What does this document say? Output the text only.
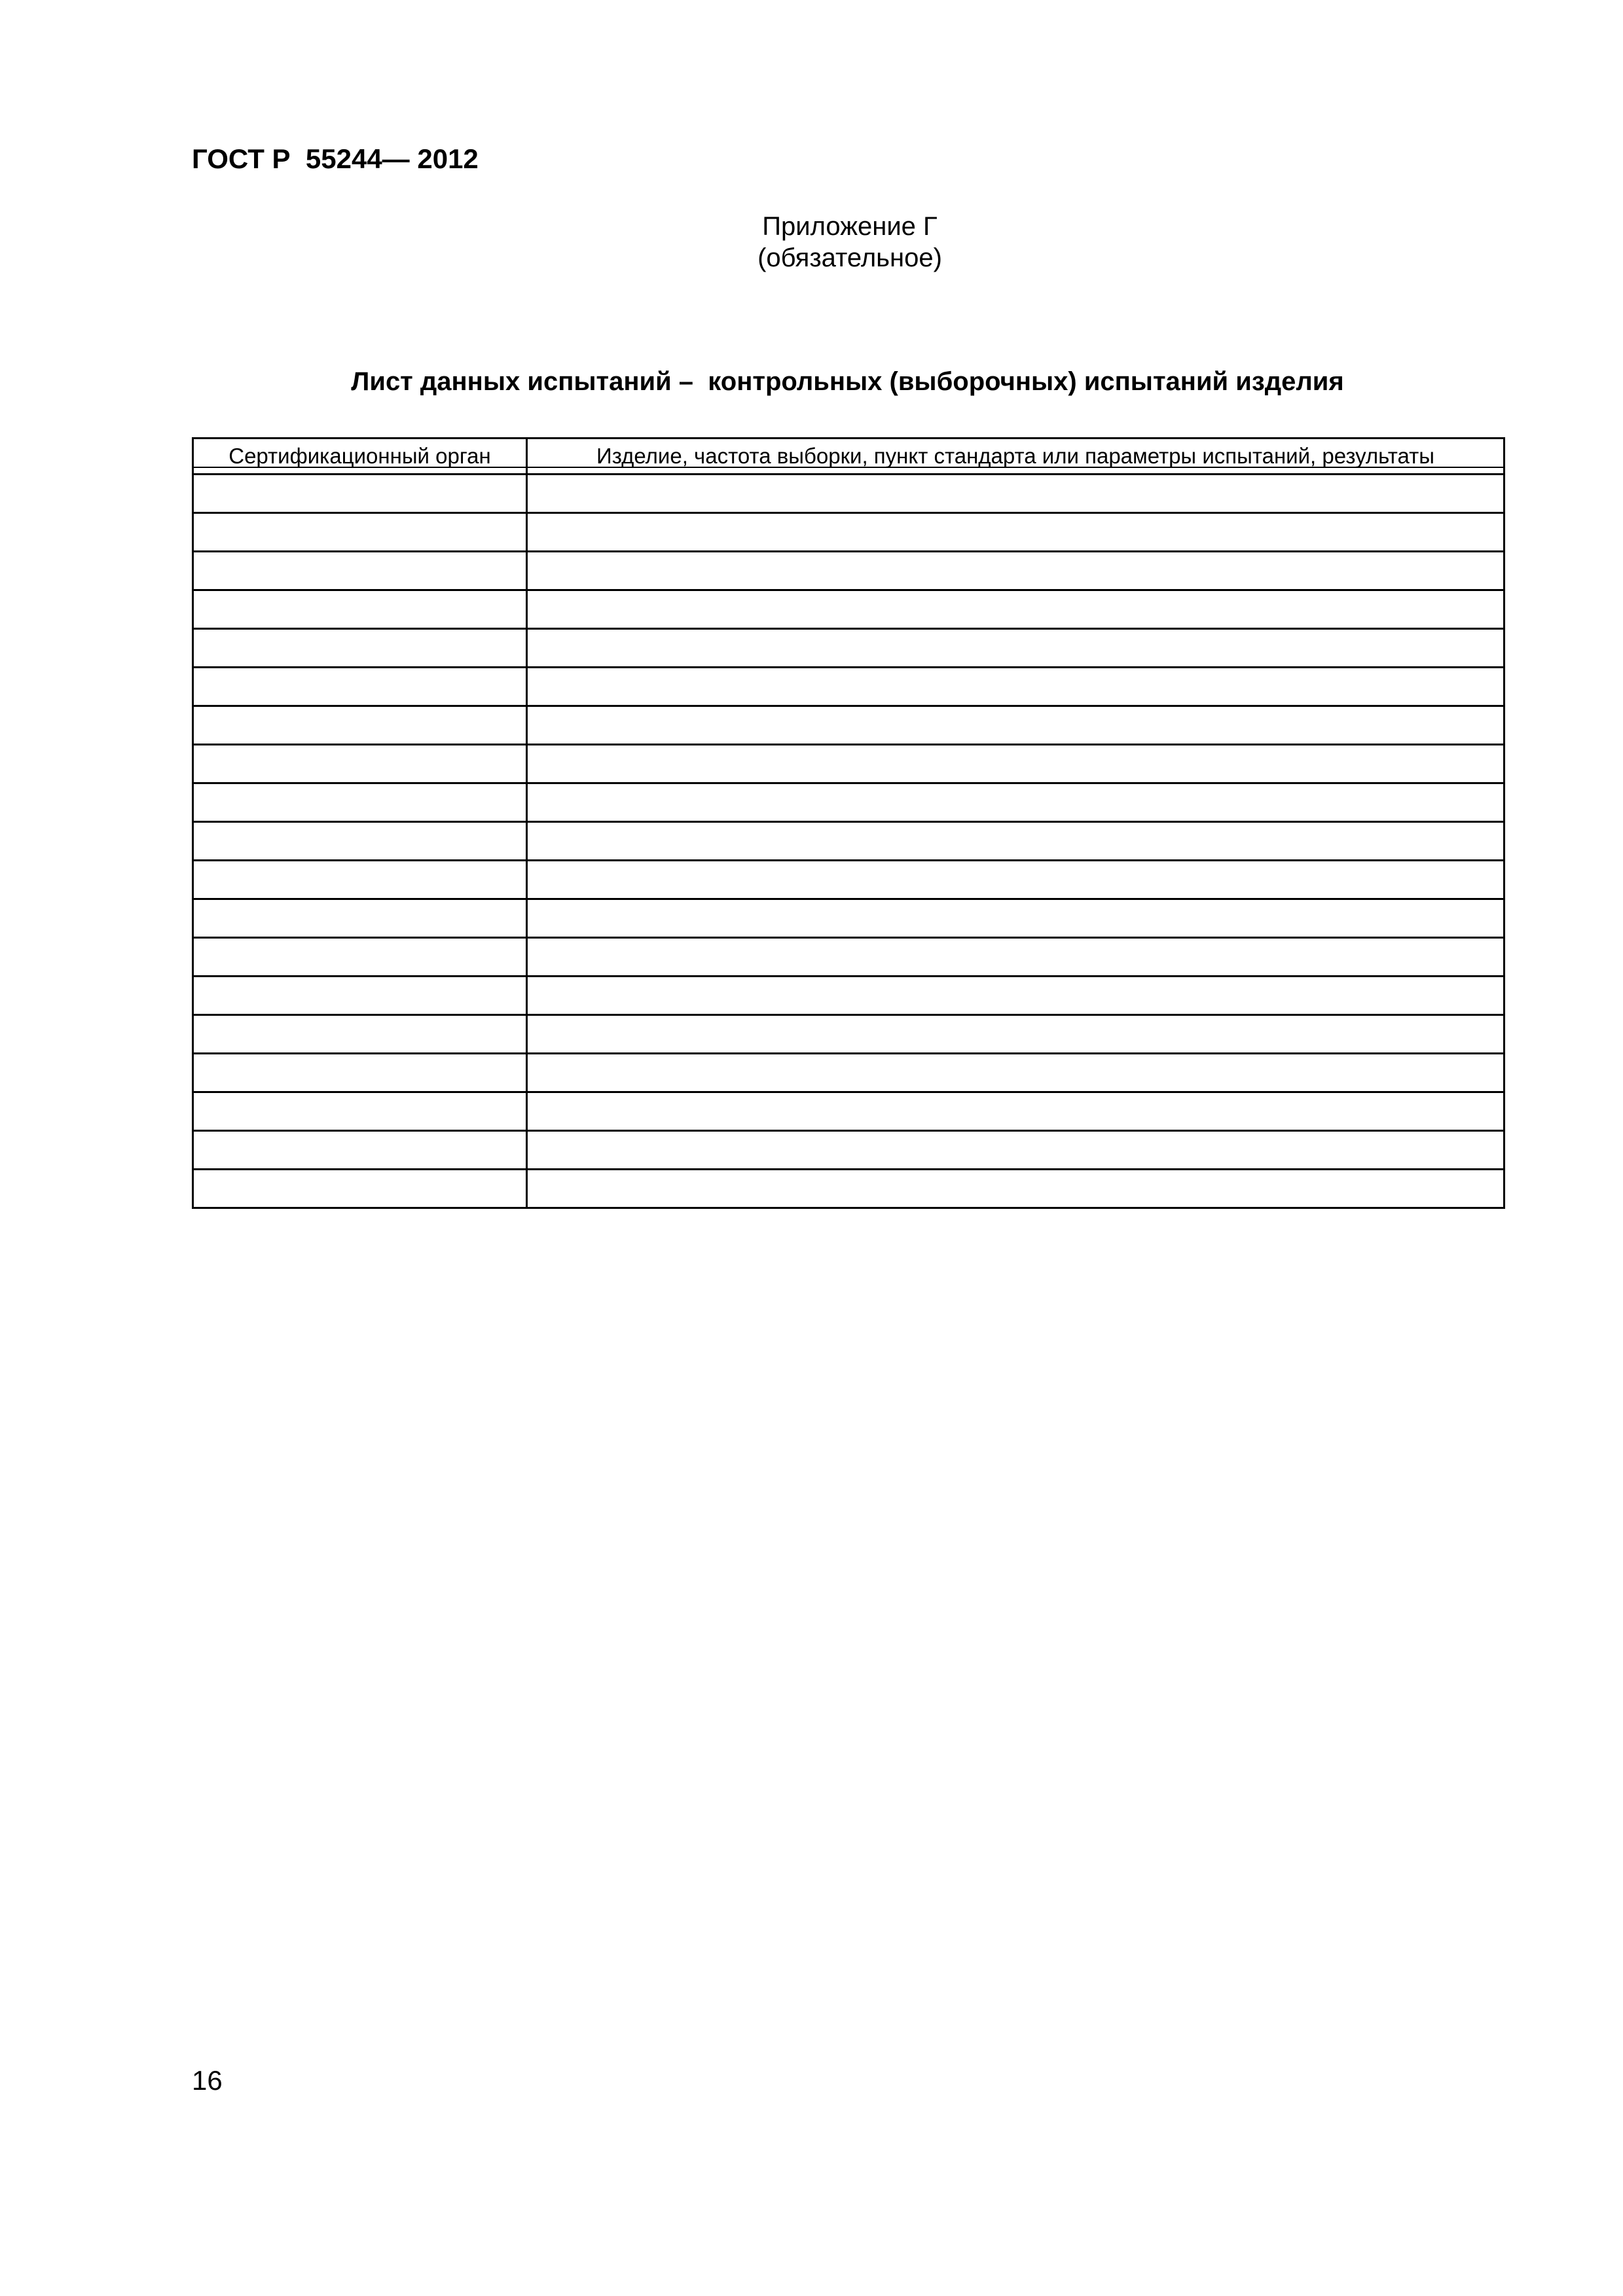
ГОСТ Р  55244— 2012
Приложение Г
(обязательное)
Лист данных испытаний –  контрольных (выборочных) испытаний изделия
Сертификационный орган	Изделие, частота выборки, пункт стандарта или параметры испытаний, результаты

16
